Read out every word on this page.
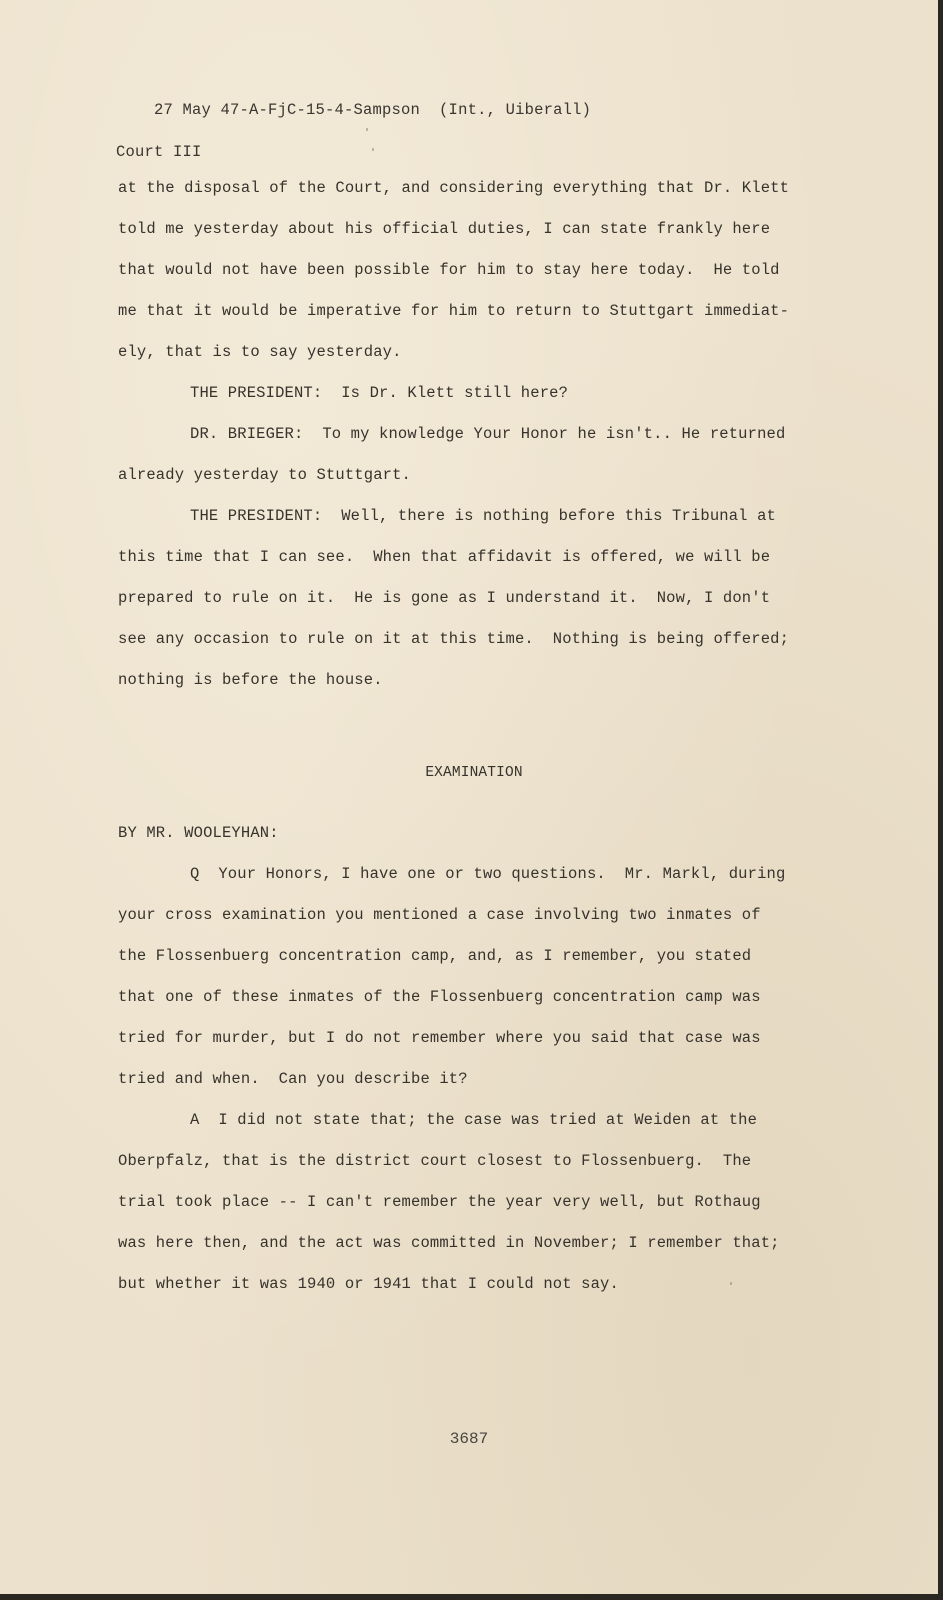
27 May 47-A-FjC-15-4-Sampson  (Int., Uiberall)

Court III

at the disposal of the Court, and considering everything that Dr. Klett
told me yesterday about his official duties, I can state frankly here
that would not have been possible for him to stay here today.  He told
me that it would be imperative for him to return to Stuttgart immediat-
ely, that is to say yesterday.
THE PRESIDENT:  Is Dr. Klett still here?
DR. BRIEGER:  To my knowledge Your Honor he isn't.. He returned
already yesterday to Stuttgart.
THE PRESIDENT:  Well, there is nothing before this Tribunal at
this time that I can see.  When that affidavit is offered, we will be
prepared to rule on it.  He is gone as I understand it.  Now, I don't
see any occasion to rule on it at this time.  Nothing is being offered;
nothing is before the house.
EXAMINATION
BY MR. WOOLEYHAN:
Q  Your Honors, I have one or two questions.  Mr. Markl, during
your cross examination you mentioned a case involving two inmates of
the Flossenbuerg concentration camp, and, as I remember, you stated
that one of these inmates of the Flossenbuerg concentration camp was
tried for murder, but I do not remember where you said that case was
tried and when.  Can you describe it?
A  I did not state that; the case was tried at Weiden at the
Oberpfalz, that is the district court closest to Flossenbuerg.  The
trial took place -- I can't remember the year very well, but Rothaug
was here then, and the act was committed in November; I remember that;
but whether it was 1940 or 1941 that I could not say.
3687
